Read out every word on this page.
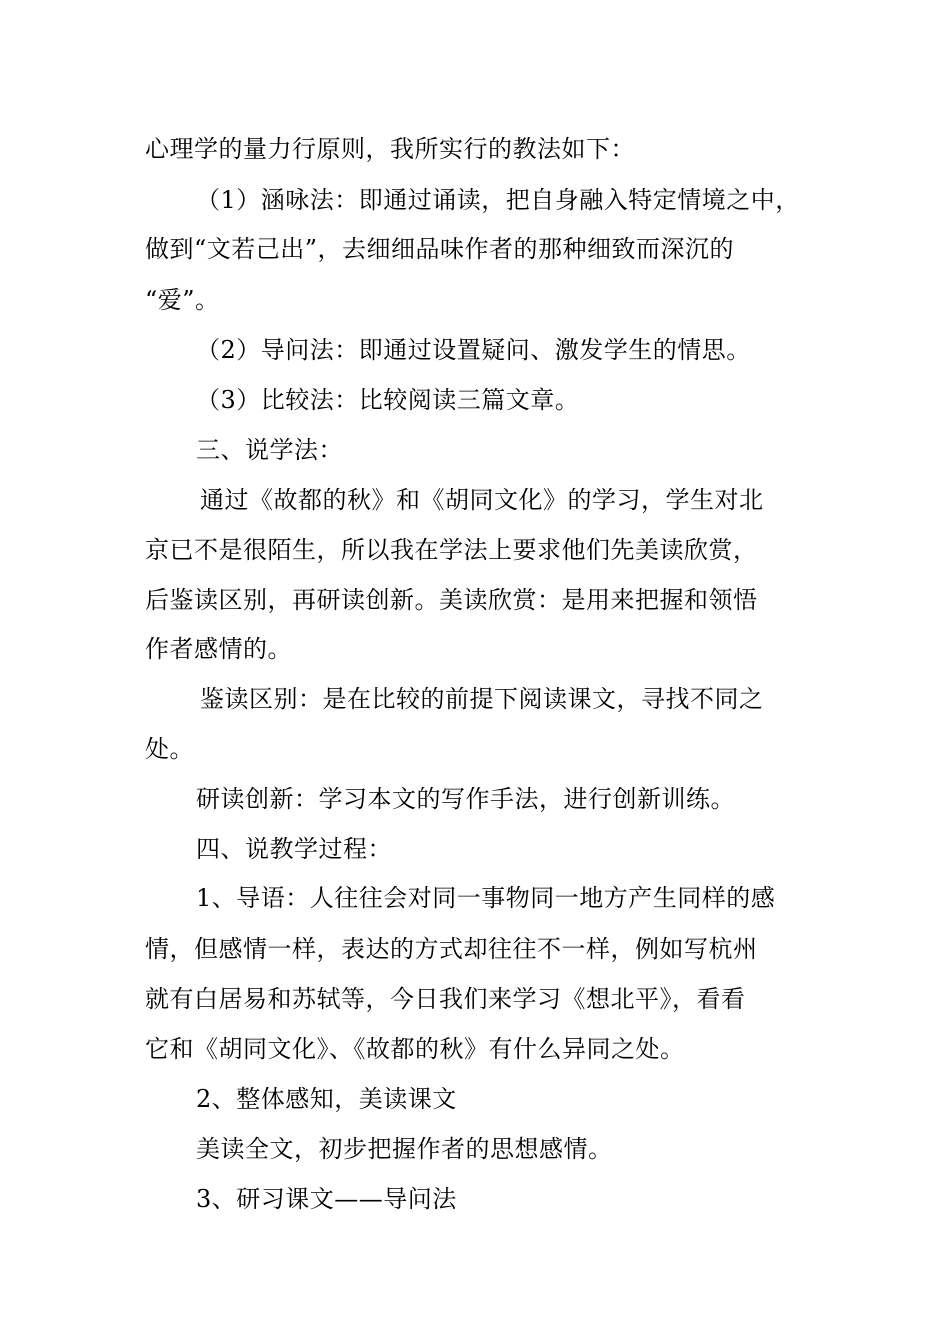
心理学的量力行原则，我所实行的教法如下：
（1）涵咏法：即通过诵读，把自身融入特定情境之中，
做到“文若己出”，去细细品味作者的那种细致而深沉的
“爱”。
（2）导问法：即通过设置疑问、激发学生的情思。
（3）比较法：比较阅读三篇文章。
三、说学法：
通过《故都的秋》和《胡同文化》的学习，学生对北
京已不是很陌生，所以我在学法上要求他们先美读欣赏，
后鉴读区别，再研读创新。美读欣赏：是用来把握和领悟
作者感情的。
鉴读区别：是在比较的前提下阅读课文，寻找不同之
处。
研读创新：学习本文的写作手法，进行创新训练。
四、说教学过程：
1、导语：人往往会对同一事物同一地方产生同样的感
情，但感情一样，表达的方式却往往不一样，例如写杭州
就有白居易和苏轼等，今日我们来学习《想北平》，看看
它和《胡同文化》、《故都的秋》有什么异同之处。
2、整体感知，美读课文
美读全文，初步把握作者的思想感情。
3、研习课文——导问法
